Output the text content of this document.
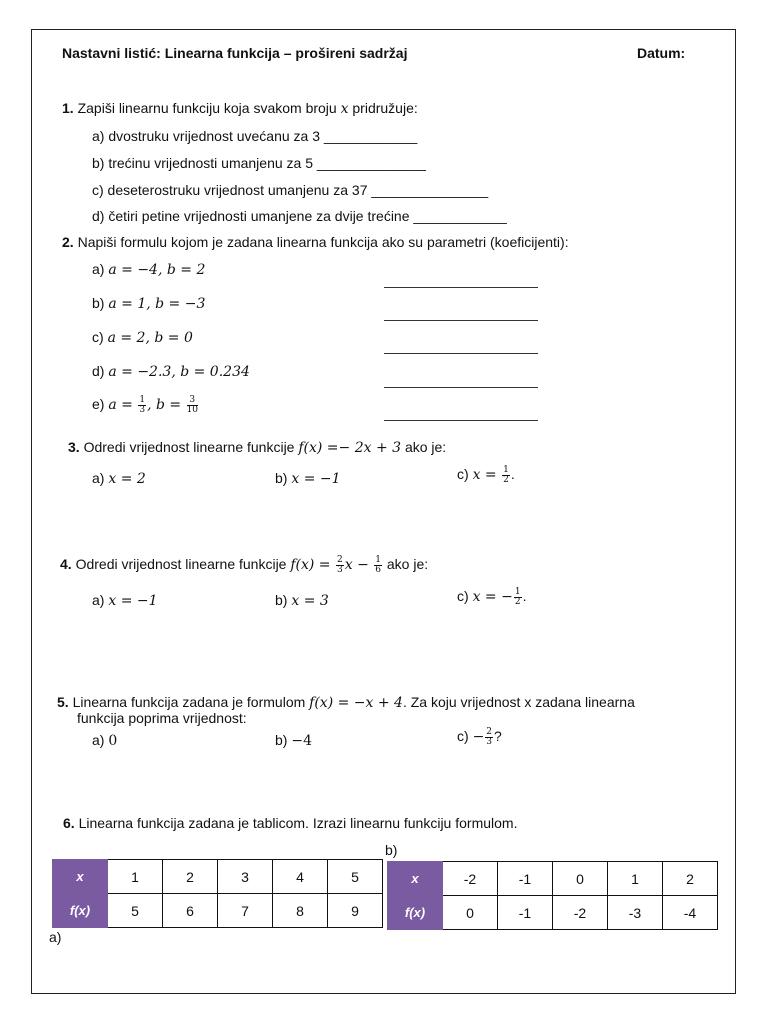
Nastavni listić: Linearna funkcija – prošireni sadržaj	Datum:
1. Zapiši linearnu funkciju koja svakom broju x pridružuje:
a) dvostruku vrijednost uvećanu za 3 ____________
b) trećinu vrijednosti umanjenu za 5 ______________
c) deseterostruku vrijednost umanjenu za 37 _______________
d) četiri petine vrijednosti umanjene za dvije trećine ____________
2. Napiši formulu kojom je zadana linearna funkcija ako su parametri (koeficijenti):
a) a = −4, b = 2
b) a = 1, b = −3
c) a = 2, b = 0
d) a = −2.3, b = 0.234
e) $a = \frac{1}{3}$ , $b = \frac{3}{10}$
3. Odredi vrijednost linearne funkcije f(x) =− 2x + 3 ako je:
a) x = 2	b) x = −1	c) $x = \frac{1}{2}$ .
4. Odredi vrijednost linearne funkcije $f(x) = \frac{2}{3}$ $x - \frac{1}{6}$ ako je:
a) x = −1	b) x = 3	c) x = − $\frac{1}{2}$ .
5. Linearna funkcija zadana je formulom f(x) = −x + 4. Za koju vrijednost x zadana linearna
funkcija poprima vrijednost:
a) 0	b) −4	$c) - \frac{2}{3}$ ?
6. Linearna funkcija zadana je tablicom. Izrazi linearnu funkciju formulom.
b)
a)
x	1	2	3	4	5
f(x)	5	6	7	8	9
x	-2	-1	0	1	2
f(x)	0	-1	-2	-3	-4
